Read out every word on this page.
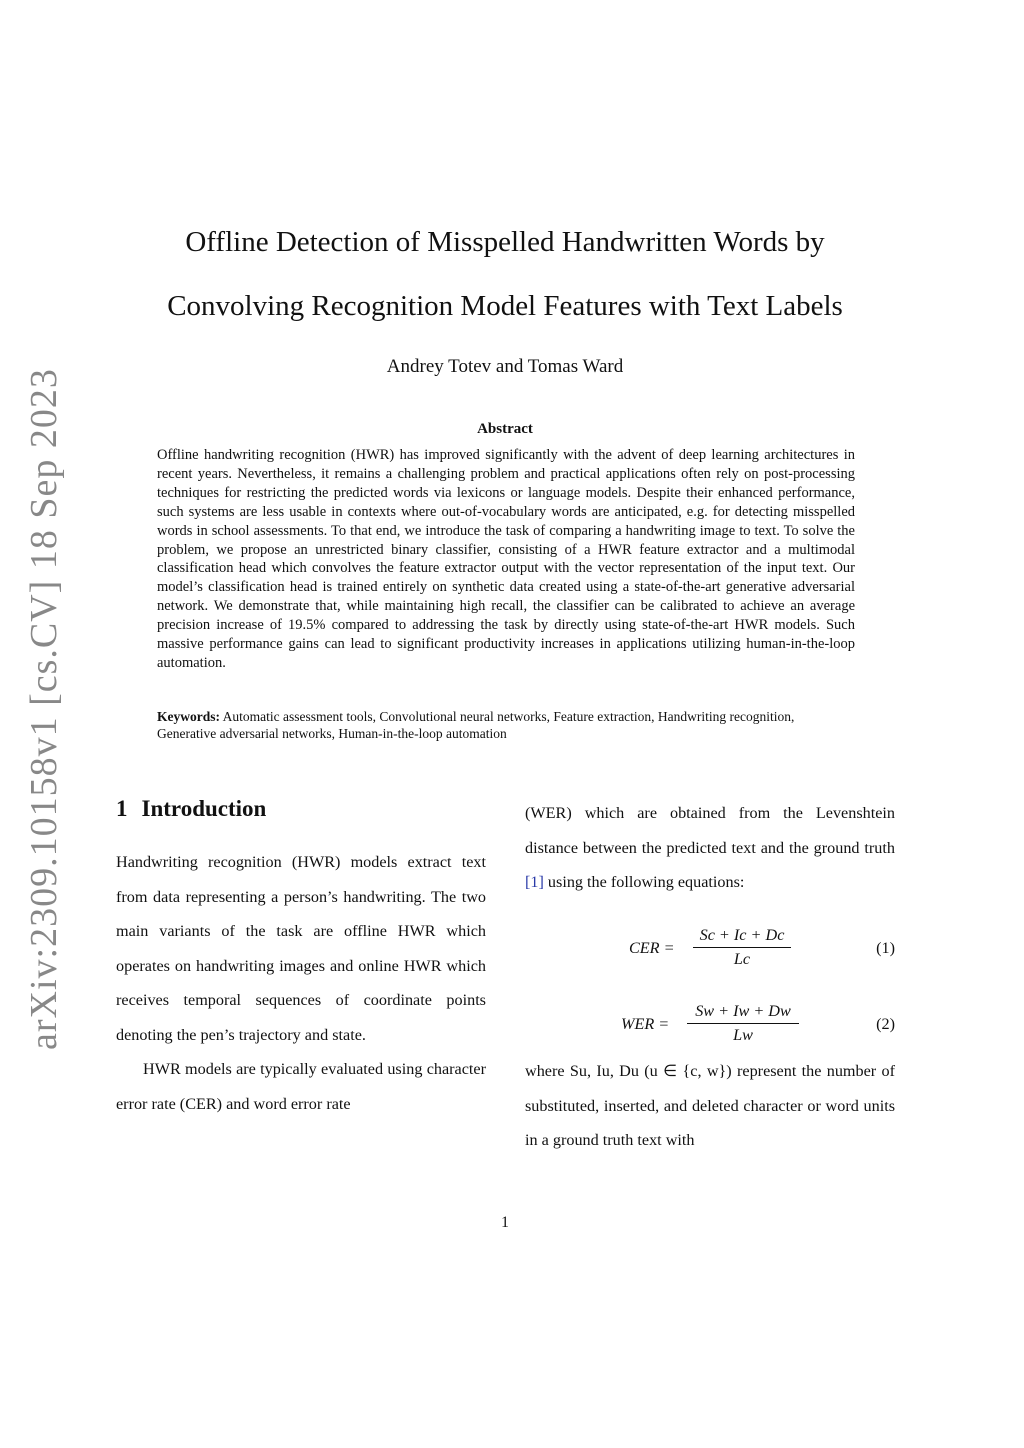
arXiv:2309.10158v1 [cs.CV] 18 Sep 2023
Offline Detection of Misspelled Handwritten Words by
Convolving Recognition Model Features with Text Labels
Andrey Totev and Tomas Ward
Abstract

Offline handwriting recognition (HWR) has improved significantly with the advent of deep learning architectures in recent years. Nevertheless, it remains a challenging problem and practical applications often rely on post-processing techniques for restricting the predicted words via lexicons or language models. Despite their enhanced performance, such systems are less usable in contexts where out-of-vocabulary words are anticipated, e.g. for detecting misspelled words in school assessments. To that end, we introduce the task of comparing a handwriting image to text. To solve the problem, we propose an unrestricted binary classifier, consisting of a HWR feature extractor and a multimodal classification head which convolves the feature extractor output with the vector representation of the input text. Our model’s classification head is trained entirely on synthetic data created using a state-of-the-art generative adversarial network. We demonstrate that, while maintaining high recall, the classifier can be calibrated to achieve an average precision increase of 19.5% compared to addressing the task by directly using state-of-the-art HWR models. Such massive performance gains can lead to significant productivity increases in applications utilizing human-in-the-loop automation.

Keywords: Automatic assessment tools, Convolutional neural networks, Feature extraction, Handwriting recognition, Generative adversarial networks, Human-in-the-loop automation

1 Introduction

Handwriting recognition (HWR) models extract text from data representing a person’s handwriting. The two main variants of the task are offline HWR which operates on handwriting images and online HWR which receives temporal sequences of coordinate points denoting the pen’s trajectory and state.

HWR models are typically evaluated using character error rate (CER) and word error rate

(WER) which are obtained from the Levenshtein distance between the predicted text and the ground truth [1] using the following equations:

CER = $\frac{Sc + Ic + Dc}{Lc}$	(1)
WER = $\frac{Sw + Iw + Dw}{Lw}$	(2)

where Su, Iu, Du (u ∈ {c, w}) represent the number of substituted, inserted, and deleted character or word units in a ground truth text with

1
